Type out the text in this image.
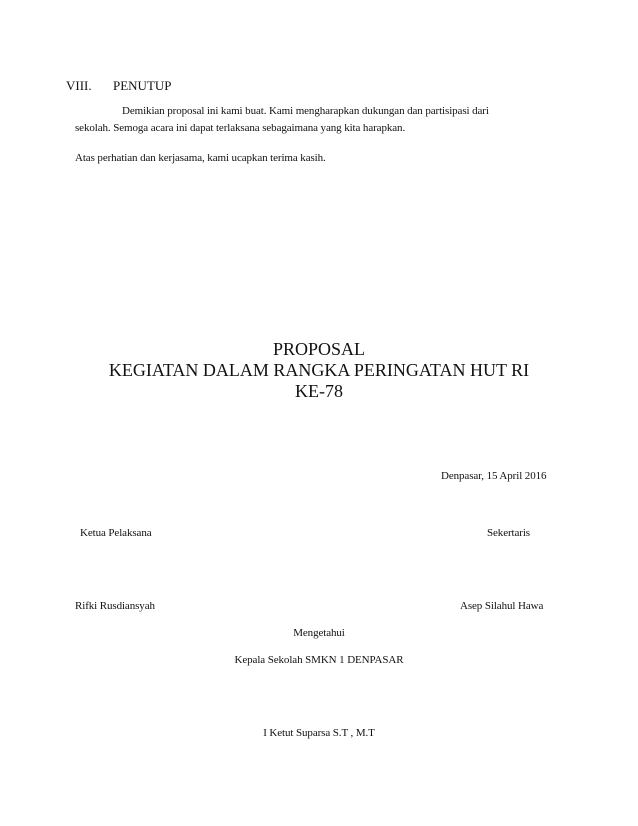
VIII. PENUTUP
Demikian proposal ini kami buat. Kami mengharapkan dukungan dan partisipasi dari
sekolah. Semoga acara ini dapat terlaksana sebagaimana yang kita harapkan.
Atas perhatian dan kerjasama, kami ucapkan terima kasih.
PROPOSAL
KEGIATAN DALAM RANGKA PERINGATAN HUT RI
KE-78
Denpasar, 15 April 2016
Ketua Pelaksana	Sekertaris
Rifki Rusdiansyah	Asep Silahul Hawa
Mengetahui
Kepala Sekolah SMKN 1 DENPASAR
I Ketut Suparsa S.T , M.T
